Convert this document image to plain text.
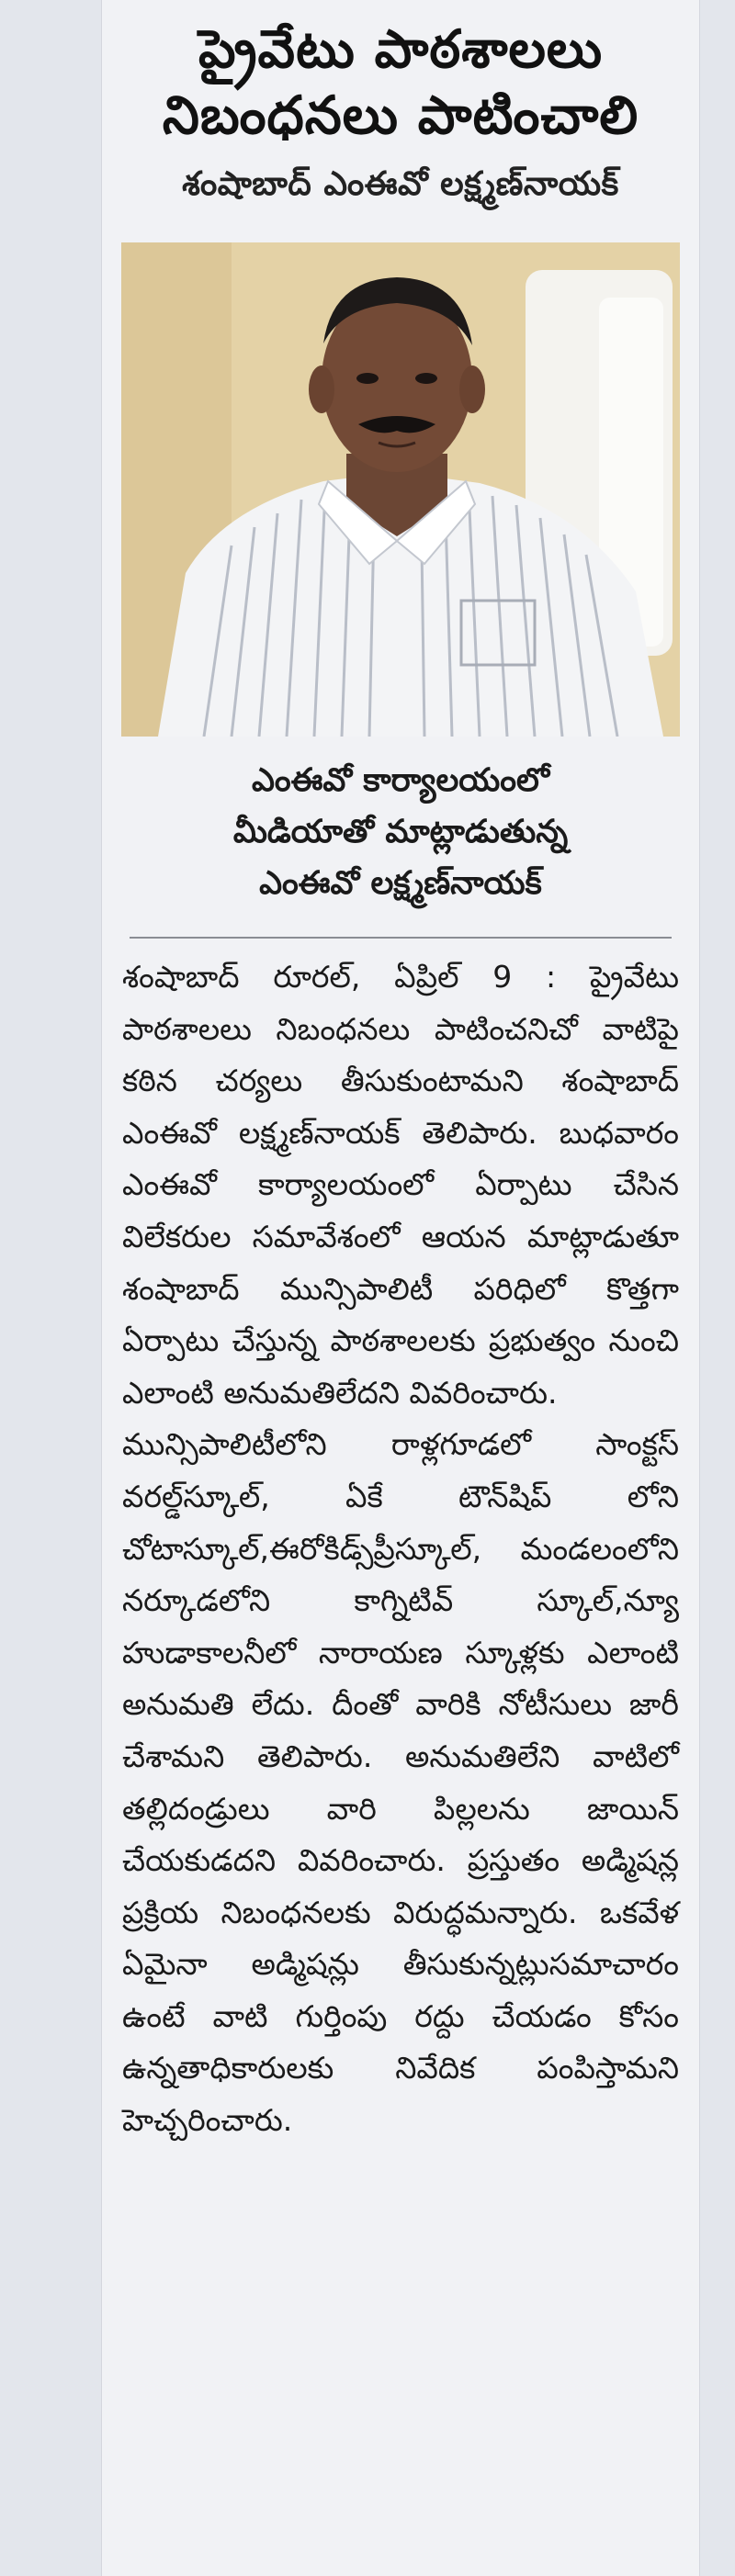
ప్రైవేటు పాఠశాలలు
నిబంధనలు పాటించాలి
శంషాబాద్ ఎంఈవో లక్ష్మణ్‌నాయక్
ఎంఈవో కార్యాలయంలో
మీడియాతో మాట్లాడుతున్న
ఎంఈవో లక్ష్మణ్‌నాయక్

శంషాబాద్ రూరల్, ఏప్రిల్ 9 : ప్రైవేటు పాఠశాలలు నిబంధనలు పాటించనిచో వాటిపై కఠిన చర్యలు తీసుకుంటామని శంషాబాద్ ఎంఈవో లక్ష్మణ్‌నాయక్ తెలిపారు. బుధవారం ఎంఈవో కార్యాలయంలో ఏర్పాటు చేసిన విలేకరుల సమావేశంలో ఆయన మాట్లాడుతూ శంషాబాద్ మున్సిపాలిటీ పరిధిలో కొత్తగా ఏర్పాటు చేస్తున్న పాఠశాలలకు ప్రభుత్వం నుంచి ఎలాంటి అనుమతిలేదని వివరించారు.

మున్సిపాలిటీలోని రాళ్లగూడలో సాంక్టస్ వరల్డ్‌స్కూల్, ఏకే టౌన్‌షిప్ లోని చోటాస్కూల్,ఈరోకిడ్స్‌ప్రీస్కూల్, మండలంలోని నర్కూడలోని కాగ్నిటివ్ స్కూల్,న్యూ హుడాకాలనీలో నారాయణ స్కూళ్లకు ఎలాంటి అనుమతి లేదు. దీంతో వారికి నోటీసులు జారీ చేశామని తెలిపారు. అనుమతిలేని వాటిలో తల్లిదండ్రులు వారి పిల్లలను జాయిన్ చేయకుడదని వివరించారు. ప్రస్తుతం అడ్మిషన్ల ప్రక్రియ నిబంధనలకు విరుద్ధమన్నారు. ఒకవేళ ఏమైనా అడ్మిషన్లు తీసుకున్నట్లుసమాచారం ఉంటే వాటి గుర్తింపు రద్దు చేయడం కోసం ఉన్నతాధికారులకు నివేదిక పంపిస్తామని హెచ్చరించారు.
